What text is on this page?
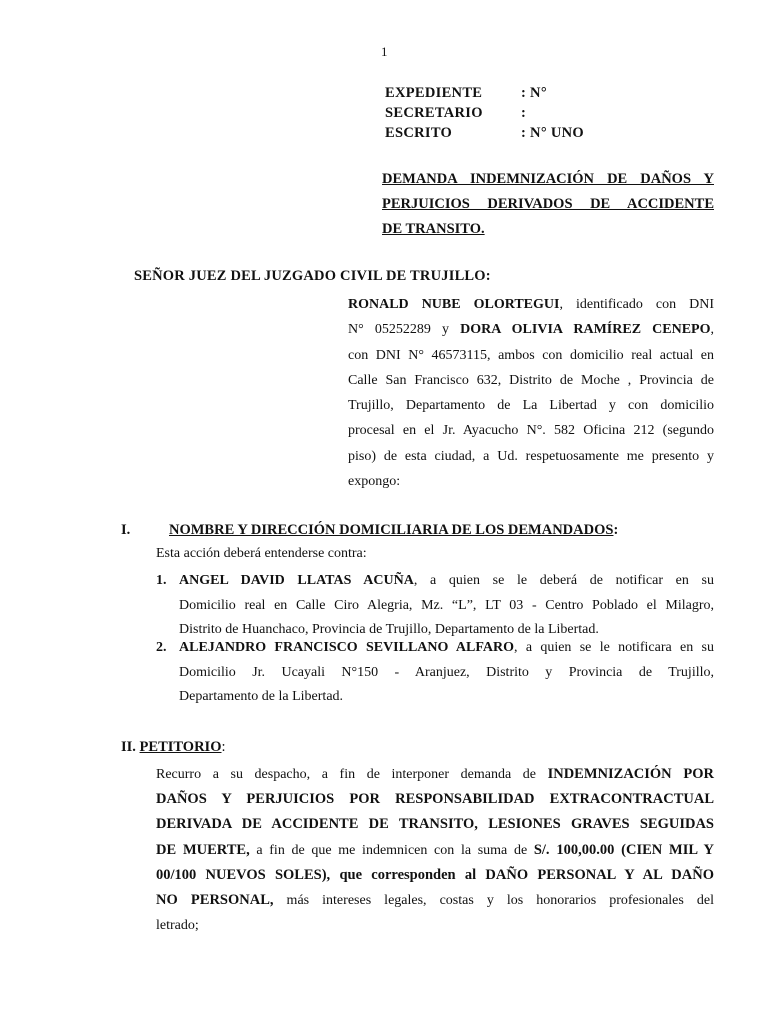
1
EXPEDIENTE	: N°
SECRETARIO	:
ESCRITO	: N° UNO
DEMANDA INDEMNIZACIÓN DE DAÑOS Y
PERJUICIOS DERIVADOS DE ACCIDENTE
DE TRANSITO.
SEÑOR JUEZ DEL JUZGADO CIVIL DE TRUJILLO:
RONALD NUBE OLORTEGUI, identificado con DNI
N° 05252289 y DORA OLIVIA RAMÍREZ CENEPO,
con DNI N° 46573115, ambos con domicilio real actual en
Calle San Francisco 632, Distrito de Moche , Provincia de
Trujillo, Departamento de La Libertad y con domicilio
procesal en el Jr. Ayacucho N°. 582 Oficina 212 (segundo
piso) de esta ciudad, a Ud. respetuosamente me presento y
expongo:
I.	NOMBRE Y DIRECCIÓN DOMICILIARIA DE LOS DEMANDADOS:
Esta acción deberá entenderse contra:
1. ANGEL DAVID LLATAS ACUÑA, a quien se le deberá de notificar en su
Domicilio real en Calle Ciro Alegria, Mz. “L”, LT 03 - Centro Poblado el Milagro,
Distrito de Huanchaco, Provincia de Trujillo, Departamento de la Libertad.
2. ALEJANDRO FRANCISCO SEVILLANO ALFARO, a quien se le notificara en su
Domicilio Jr. Ucayali N°150 - Aranjuez, Distrito y Provincia de Trujillo,
Departamento de la Libertad.
II. PETITORIO:
Recurro a su despacho, a fin de interponer demanda de INDEMNIZACIÓN POR
DAÑOS Y PERJUICIOS POR RESPONSABILIDAD EXTRACONTRACTUAL
DERIVADA DE ACCIDENTE DE TRANSITO, LESIONES GRAVES SEGUIDAS
DE MUERTE, a fin de que me indemnicen con la suma de S/. 100,00.00 (CIEN MIL Y
00/100 NUEVOS SOLES), que corresponden al DAÑO PERSONAL Y AL DAÑO
NO PERSONAL, más intereses legales, costas y los honorarios profesionales del
letrado;
